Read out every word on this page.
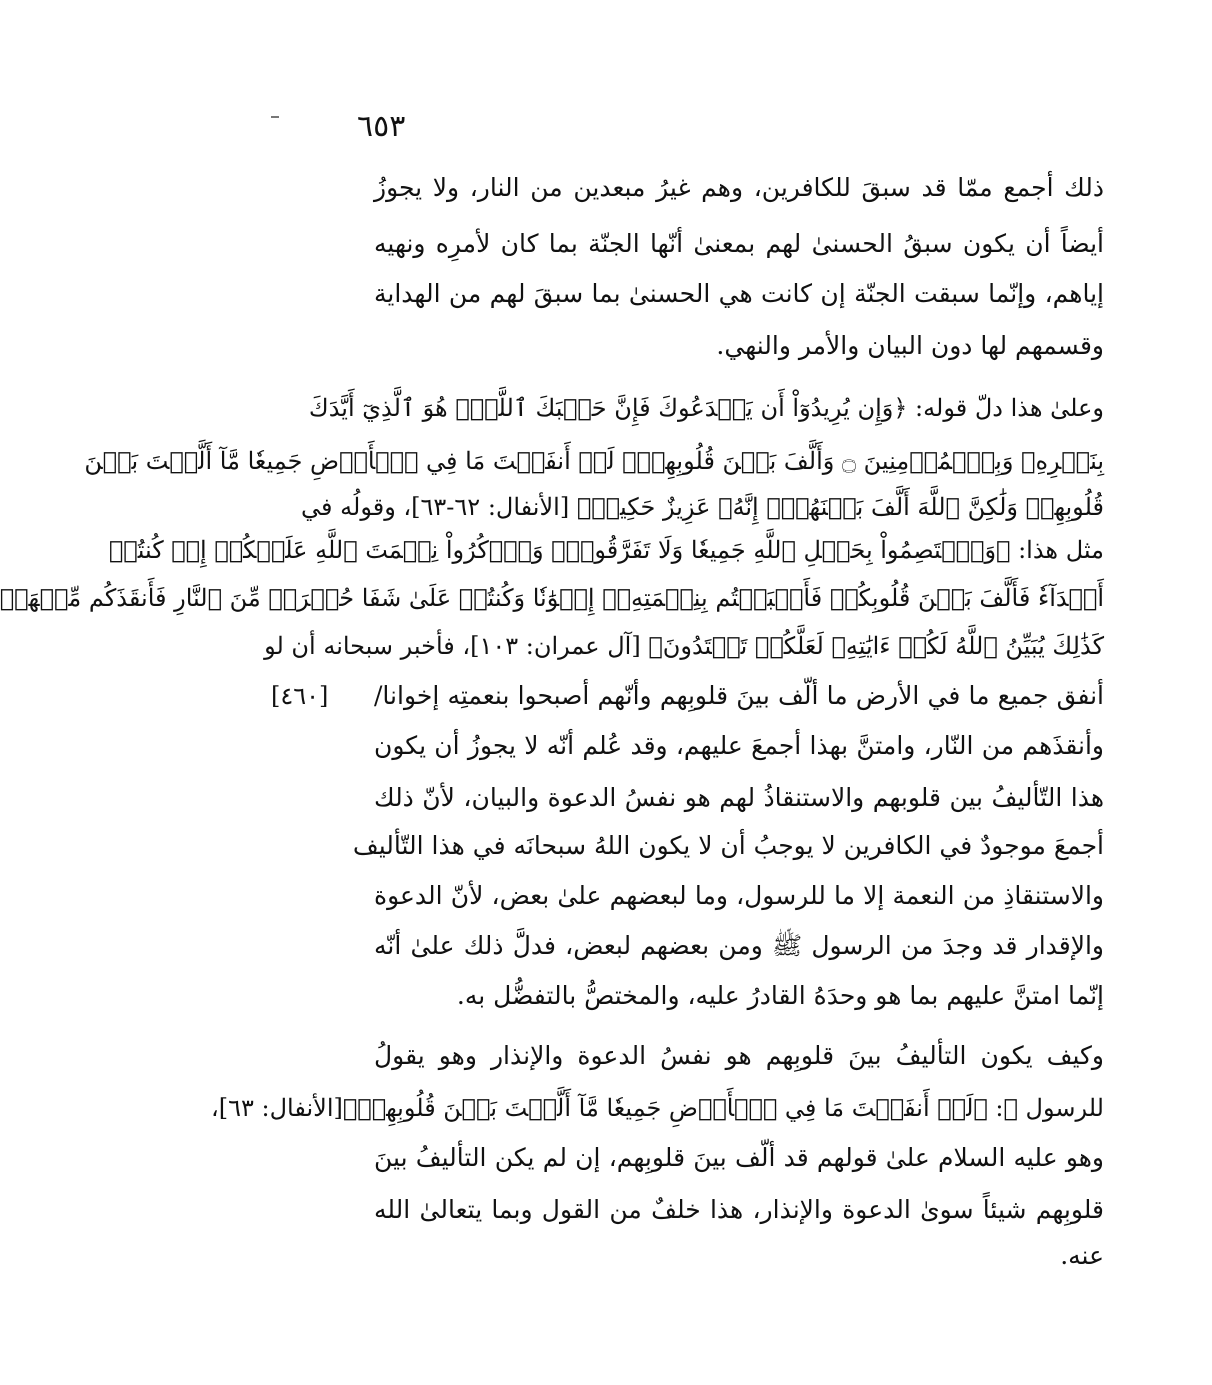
٦٥٣
[٤٦٠]
ذلك أجمع ممّا قد سبقَ للكافرين، وهم غيرُ مبعدين من النار، ولا يجوزُ
أيضاً أن يكون سبقُ الحسنىٰ لهم بمعنىٰ أنّها الجنّة بما كان لأمرِه ونهيه
إياهم، وإنّما سبقت الجنّة إن كانت هي الحسنىٰ بما سبقَ لهم من الهداية
وقسمهم لها دون البيان والأمر والنهي.
وعلىٰ هذا دلّ قوله: ﴿وَإِن يُرِيدُوٓاْ أَن يَخۡدَعُوكَ فَإِنَّ حَسۡبَكَ ٱللَّهُۚ هُوَ ٱلَّذِيٓ أَيَّدَكَ
بِنَصۡرِهِۦ وَبِٱلۡمُؤۡمِنِينَ ۝ وَأَلَّفَ بَيۡنَ قُلُوبِهِمۡۚ لَوۡ أَنفَقۡتَ مَا فِي ٱلۡأَرۡضِ جَمِيعٗا مَّآ أَلَّفۡتَ بَيۡنَ
قُلُوبِهِمۡ وَلَٰكِنَّ ٱللَّهَ أَلَّفَ بَيۡنَهُمۡۚ إِنَّهُۥ عَزِيزٌ حَكِيمٞ﴾ [الأنفال: ٦٢-٦٣]، وقولُه في
مثل هذا: ﴿وَٱعۡتَصِمُواْ بِحَبۡلِ ٱللَّهِ جَمِيعٗا وَلَا تَفَرَّقُواْۚ وَٱذۡكُرُواْ نِعۡمَتَ ٱللَّهِ عَلَيۡكُمۡ إِذۡ كُنتُمۡ
أَعۡدَآءٗ فَأَلَّفَ بَيۡنَ قُلُوبِكُمۡ فَأَصۡبَحۡتُم بِنِعۡمَتِهِۦٓ إِخۡوَٰنٗا وَكُنتُمۡ عَلَىٰ شَفَا حُفۡرَةٖ مِّنَ ٱلنَّارِ فَأَنقَذَكُم مِّنۡهَاۗ
كَذَٰلِكَ يُبَيِّنُ ٱللَّهُ لَكُمۡ ءَايَٰتِهِۦ لَعَلَّكُمۡ تَهۡتَدُونَ﴾ [آل عمران: ١٠٣]، فأخبر سبحانه أن لو
أنفق جميع ما في الأرض ما ألّف بينَ قلوبِهم وأنّهم أصبحوا بنعمتِه إخوانا/
وأنقذَهم من النّار، وامتنَّ بهذا أجمعَ عليهم، وقد عُلم أنّه لا يجوزُ أن يكون
هذا التّأليفُ بين قلوبهم والاستنقاذُ لهم هو نفسُ الدعوة والبيان، لأنّ ذلك
أجمعَ موجودٌ في الكافرين لا يوجبُ أن لا يكون اللهُ سبحانَه في هذا التّأليف
والاستنقاذِ من النعمة إلا ما للرسول، وما لبعضهم علىٰ بعض، لأنّ الدعوة
والإقدار قد وجدَ من الرسول ﷺ ومن بعضهم لبعض، فدلَّ ذلك علىٰ أنّه
إنّما امتنَّ عليهم بما هو وحدَهُ القادرُ عليه، والمختصُّ بالتفضُّل به.
وكيف يكون التأليفُ بينَ قلوبِهم هو نفسُ الدعوة والإنذار وهو يقولُ
للرسول ﷺ: ﴿لَوۡ أَنفَقۡتَ مَا فِي ٱلۡأَرۡضِ جَمِيعٗا مَّآ أَلَّفۡتَ بَيۡنَ قُلُوبِهِمۡ﴾[الأنفال: ٦٣]،
وهو عليه السلام علىٰ قولهم قد ألّف بينَ قلوبِهم، إن لم يكن التأليفُ بينَ
قلوبِهم شيئاً سوىٰ الدعوة والإنذار، هذا خلفٌ من القول وبما يتعالىٰ الله
عنه.
